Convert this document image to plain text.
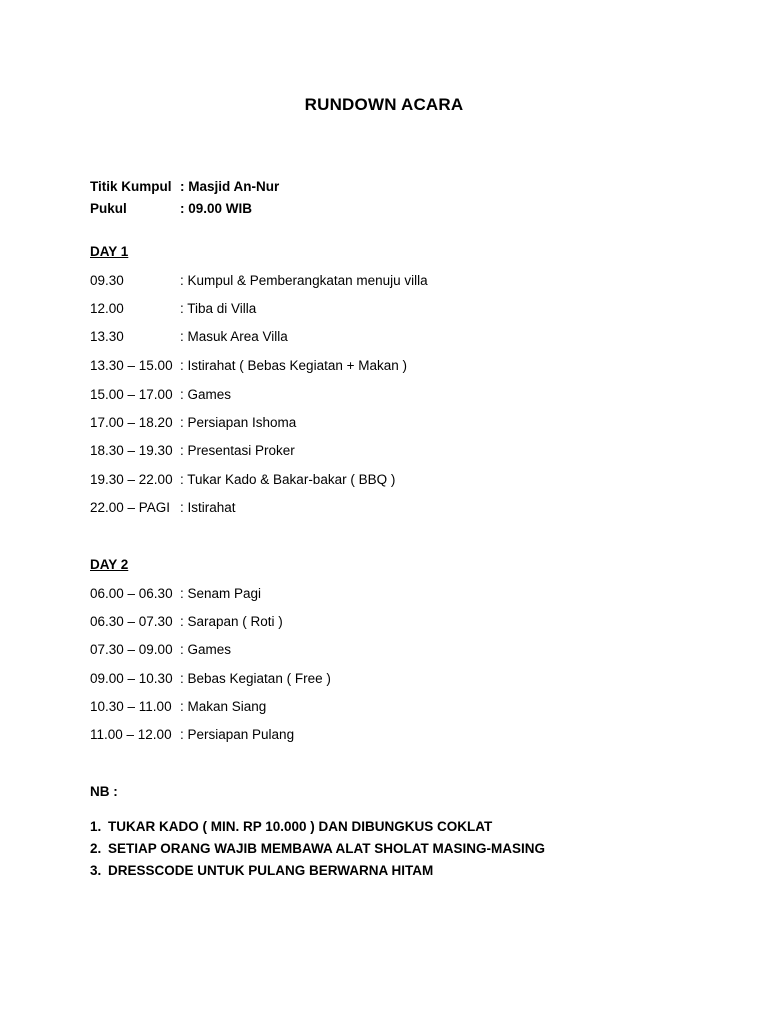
RUNDOWN ACARA
Titik Kumpul : Masjid An-Nur
Pukul	: 09.00 WIB
DAY 1
09.30	: Kumpul & Pemberangkatan menuju villa
12.00	: Tiba di Villa
13.30	: Masuk Area Villa
13.30 – 15.00 : Istirahat ( Bebas Kegiatan + Makan )
15.00 – 17.00 : Games
17.00 – 18.20 : Persiapan Ishoma
18.30 – 19.30 : Presentasi Proker
19.30 – 22.00 : Tukar Kado & Bakar-bakar ( BBQ )
22.00 – PAGI : Istirahat
DAY 2
06.00 – 06.30 : Senam Pagi
06.30 – 07.30 : Sarapan ( Roti )
07.30 – 09.00 : Games
09.00 – 10.30 : Bebas Kegiatan ( Free )
10.30 – 11.00 : Makan Siang
11.00 – 12.00 : Persiapan Pulang
NB :
1. TUKAR KADO ( MIN. RP 10.000 ) DAN DIBUNGKUS COKLAT
2. SETIAP ORANG WAJIB MEMBAWA ALAT SHOLAT MASING-MASING
3. DRESSCODE UNTUK PULANG BERWARNA HITAM
